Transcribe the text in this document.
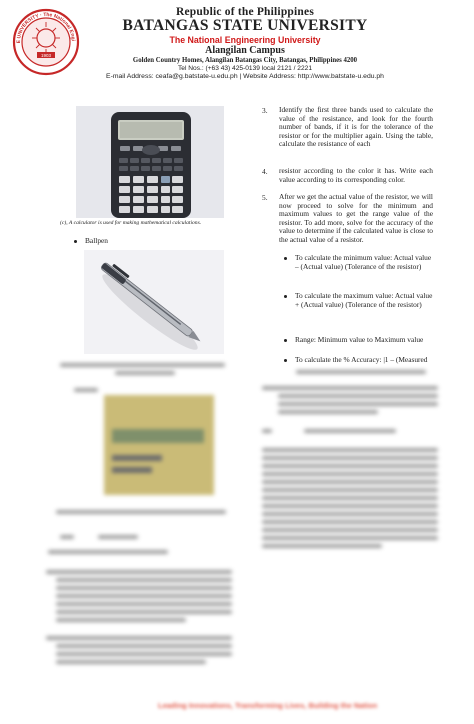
1903
E UNIVERSITY · The National Engi
Republic of the Philippines
BATANGAS STATE UNIVERSITY
The National Engineering University
Alangilan Campus
Golden Country Homes, Alangilan Batangas City, Batangas, Philippines 4200
Tel Nos.: (+63 43) 425-0139 local 2121 / 2221
E-mail Address: ceafa@g.batstate-u.edu.ph | Website Address: http://www.batstate-u.edu.ph
(c), A calculator is used for making mathematical calculations.
Ballpen

3. Identify the first three bands used to calculate the value of the resistance, and look for the fourth number of bands, if it is for the tolerance of the resistor or for the multiplier again. Using the table, calculate the resistance of each
4. resistor according to the color it has. Write each value according to its corresponding color.
5. After we get the actual value of the resistor, we will now proceed to solve for the minimum and maximum values to get the range value of the resistor. To add more, solve for the accuracy of the value to determine if the calculated value is close to the actual value of a resistor.
To calculate the minimum value: Actual value – (Actual value) (Tolerance of the resistor)
To calculate the maximum value: Actual value + (Actual value) (Tolerance of the resistor)
Range: Minimum value to Maximum value
To calculate the % Accuracy: |1 – (Measured

Leading Innovations, Transforming Lives, Building the Nation
